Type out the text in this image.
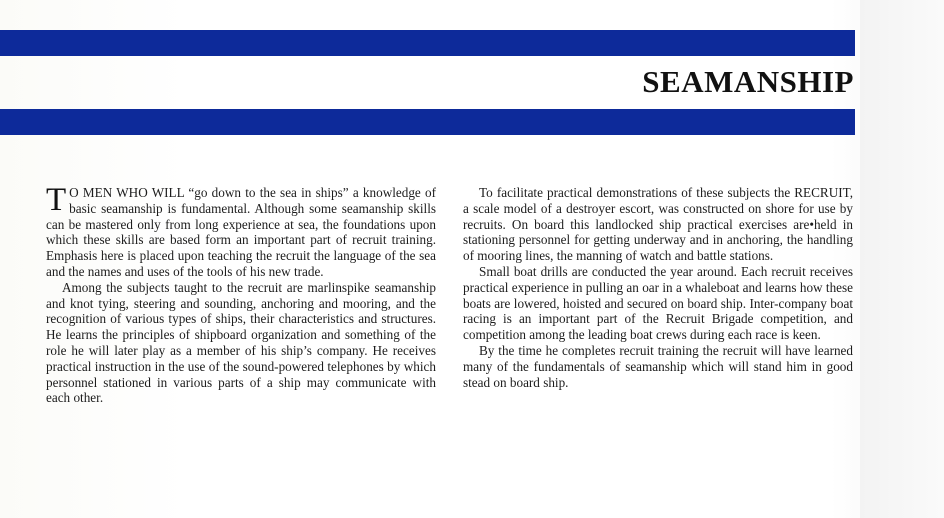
SEAMANSHIP

T O MEN WHO WILL “go down to the sea in ships” a knowledge of basic seamanship is fundamental. Although some seamanship skills can be mastered only from long experience at sea, the foundations upon which these skills are based form an important part of recruit training. Emphasis here is placed upon teaching the recruit the language of the sea and the names and uses of the tools of his new trade.

Among the subjects taught to the recruit are marlinspike seamanship and knot tying, steering and sounding, anchoring and mooring, and the recognition of various types of ships, their characteristics and structures. He learns the principles of shipboard organization and something of the role he will later play as a member of his ship’s company. He receives practical instruction in the use of the sound-powered telephones by which personnel stationed in various parts of a ship may communicate with each other.

To facilitate practical demonstrations of these subjects the RECRUIT, a scale model of a destroyer escort, was constructed on shore for use by recruits. On board this landlocked ship practical exercises are•held in stationing personnel for getting underway and in anchoring, the handling of mooring lines, the manning of watch and battle stations.

Small boat drills are conducted the year around. Each recruit receives practical experience in pulling an oar in a whaleboat and learns how these boats are lowered, hoisted and secured on board ship. Inter-company boat racing is an important part of the Recruit Brigade competition, and competition among the leading boat crews during each race is keen.

By the time he completes recruit training the recruit will have learned many of the fundamentals of seamanship which will stand him in good stead on board ship.
